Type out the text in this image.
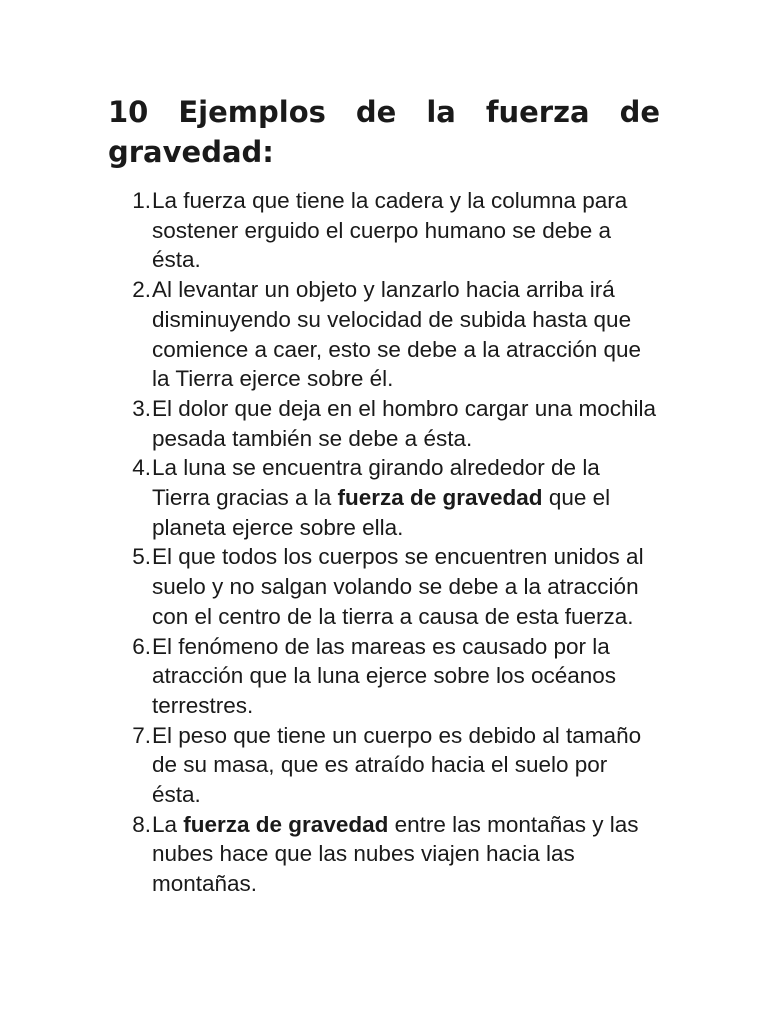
10 Ejemplos de la fuerza de gravedad:
1. La fuerza que tiene la cadera y la columna para sostener erguido el cuerpo humano se debe a ésta.
2. Al levantar un objeto y lanzarlo hacia arriba irá disminuyendo su velocidad de subida hasta que comience a caer, esto se debe a la atracción que la Tierra ejerce sobre él.
3. El dolor que deja en el hombro cargar una mochila pesada también se debe a ésta.
4. La luna se encuentra girando alrededor de la Tierra gracias a la fuerza de gravedad que el planeta ejerce sobre ella.
5. El que todos los cuerpos se encuentren unidos al suelo y no salgan volando se debe a la atracción con el centro de la tierra a causa de esta fuerza.
6. El fenómeno de las mareas es causado por la atracción que la luna ejerce sobre los océanos terrestres.
7. El peso que tiene un cuerpo es debido al tamaño de su masa, que es atraído hacia el suelo por ésta.
8. La fuerza de gravedad entre las montañas y las nubes hace que las nubes viajen hacia las montañas.
